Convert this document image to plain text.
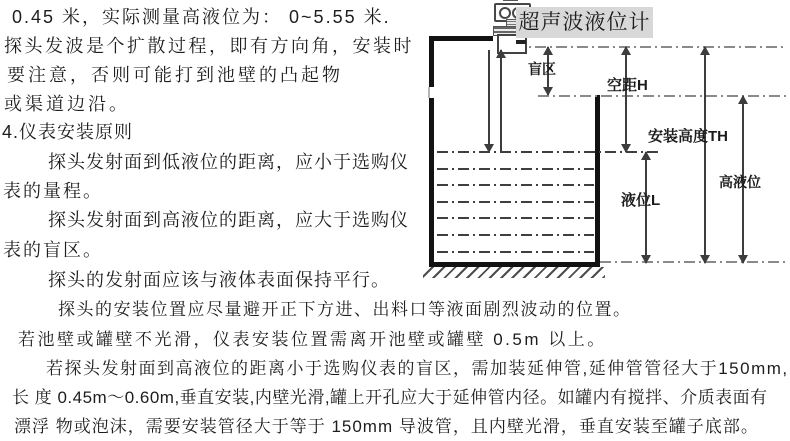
0.45 米，实际测量高液位为： 0~5.55 米.
探头发波是个扩散过程，即有方向角，安装时
要注意，否则可能打到池壁的凸起物
或渠道边沿。
4.仪表安装原则
探头发射面到低液位的距离，应小于选购仪
表的量程。
探头发射面到高液位的距离，应大于选购仪
表的盲区。
探头的发射面应该与液体表面保持平行。
探头的安装位置应尽量避开正下方进、出料口等液面剧烈波动的位置。
若池壁或罐壁不光滑，仪表安装位置需离开池壁或罐壁 0.5m 以上。
若探头发射面到高液位的距离小于选购仪表的盲区，需加装延伸管,延伸管管径大于150mm,
长 度 0.45m～0.60m,垂直安装,内壁光滑,罐上开孔应大于延伸管内径。如罐内有搅拌、介质表面有
漂浮 物或泡沫，需要安装管径大于等于 150mm 导波管，且内壁光滑，垂直安装至罐子底部。
超声波液位计
盲区
空距H
安装高度TH
液位L
高液位
